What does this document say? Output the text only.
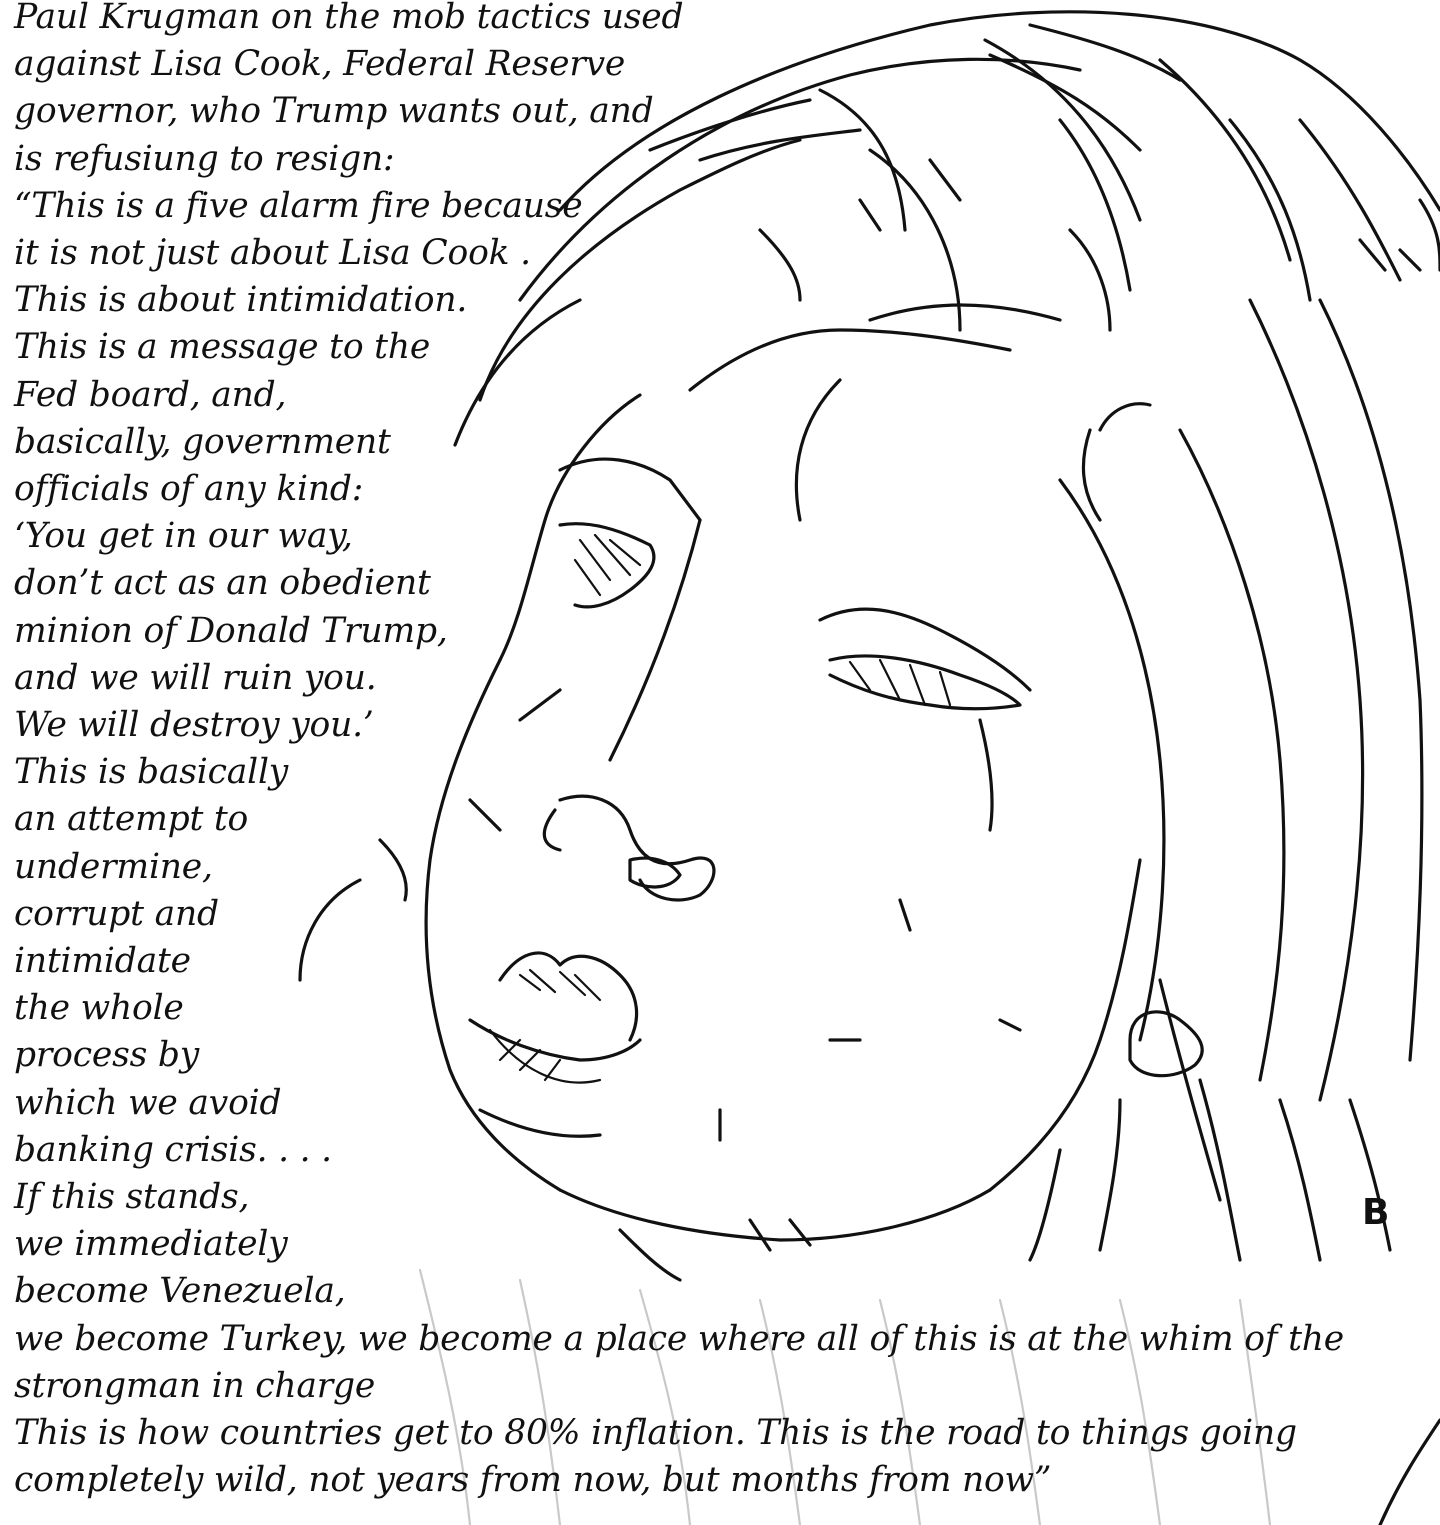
B
Paul Krugman on the mob tactics used
against Lisa Cook, Federal Reserve
governor, who Trump wants out, and
is refusiung to resign:
“This is a five alarm fire because
it is not just about Lisa Cook .
This is about intimidation.
This is a message to the
Fed board, and,
basically, government
officials of any kind:
‘You get in our way,
don’t act as an obedient
minion of Donald Trump,
and we will ruin you.
We will destroy you.’
This is basically
an attempt to
undermine,
corrupt and
intimidate
the whole
process by
which we avoid
banking crisis. . . .
If this stands,
we immediately
become Venezuela,
we become Turkey, we become a place where all of this is at the whim of the
strongman in charge
This is how countries get to 80% inflation. This is the road to things going
completely wild, not years from now, but months from now”
